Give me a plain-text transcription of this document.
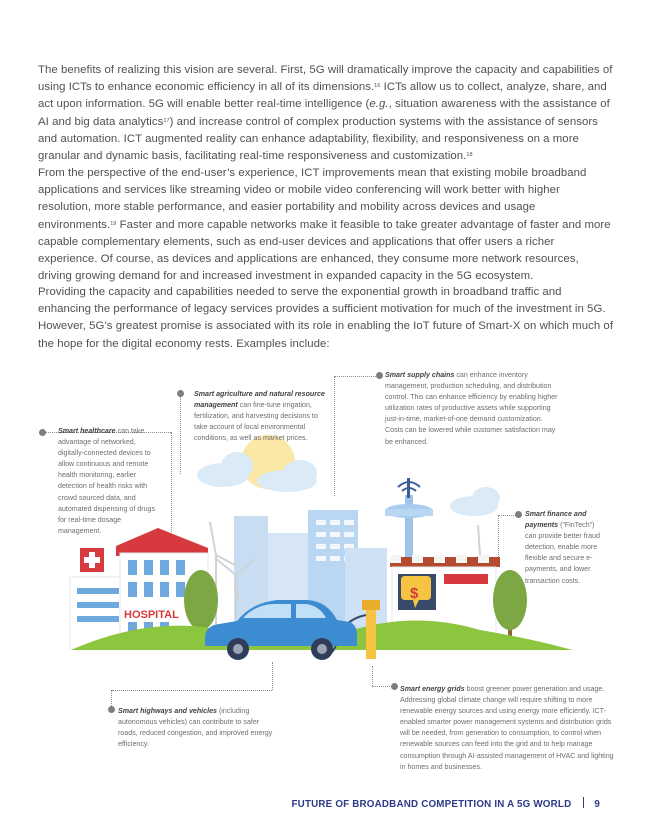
The benefits of realizing this vision are several. First, 5G will dramatically improve the capacity and capabilities of using ICTs to enhance economic efficiency in all of its dimensions.$^{16}$ ICTs allow us to collect, analyze, share, and act upon information. 5G will enable better real-time intelligence (e.g., situation awareness with the assistance of AI and big data analytics$^{17}$) and increase control of complex production systems with the assistance of sensors and automation. ICT augmented reality can enhance adaptability, flexibility, and responsiveness on a more granular and dynamic basis, facilitating real-time responsiveness and customization.$^{18}$

From the perspective of the end-user’s experience, ICT improvements mean that existing mobile broadband applications and services like streaming video or mobile video conferencing will work better with higher resolution, more stable performance, and easier portability and mobility across devices and usage environments.$^{19}$ Faster and more capable networks make it feasible to take greater advantage of faster and more capable complementary elements, such as end-user devices and applications that offer users a richer experience. Of course, as devices and applications are enhanced, they consume more network resources, driving growing demand for and increased investment in expanded capacity in the 5G ecosystem.

Providing the capacity and capabilities needed to serve the exponential growth in broadband traffic and enhancing the performance of legacy services provides a sufficient motivation for much of the investment in 5G. However, 5G’s greatest promise is associated with its role in enabling the IoT future of Smart-X on which much of the hope for the digital economy rests. Examples include:

HOSPITAL
$
Smart healthcare can take advantage of networked, digitally-connected devices to allow continuous and remote health monitoring, earlier detection of health risks with crowd sourced data, and automated dispensing of drugs for real-time dosage management.
Smart agriculture and natural resource management can fine-tune irrigation, fertilization, and harvesting decisions to take account of local environmental conditions, as well as market prices.
Smart supply chains can enhance inventory management, production scheduling, and distribution control. This can enhance efficiency by enabling higher utilization rates of productive assets while supporting just-in-time, market-of-one demand customization. Costs can be lowered while customer satisfaction may be enhanced.
Smart finance and payments (“FinTech”) can provide better fraud detection, enable more flexible and secure e-payments, and lower transaction costs.
Smart highways and vehicles (including autonomous vehicles) can contribute to safer roads, reduced congestion, and improved energy efficiency.
Smart energy grids boost greener power generation and usage. Addressing global climate change will require shifting to more renewable energy sources and using energy more efficiently. ICT-enabled smarter power management systems and distribution grids will be needed, from generation to consumption, to control when renewable sources can feed into the grid and to help manage consumption through AI-assisted management of HVAC and lighting in homes and businesses.
FUTURE OF BROADBAND COMPETITION IN A 5G WORLD 9
